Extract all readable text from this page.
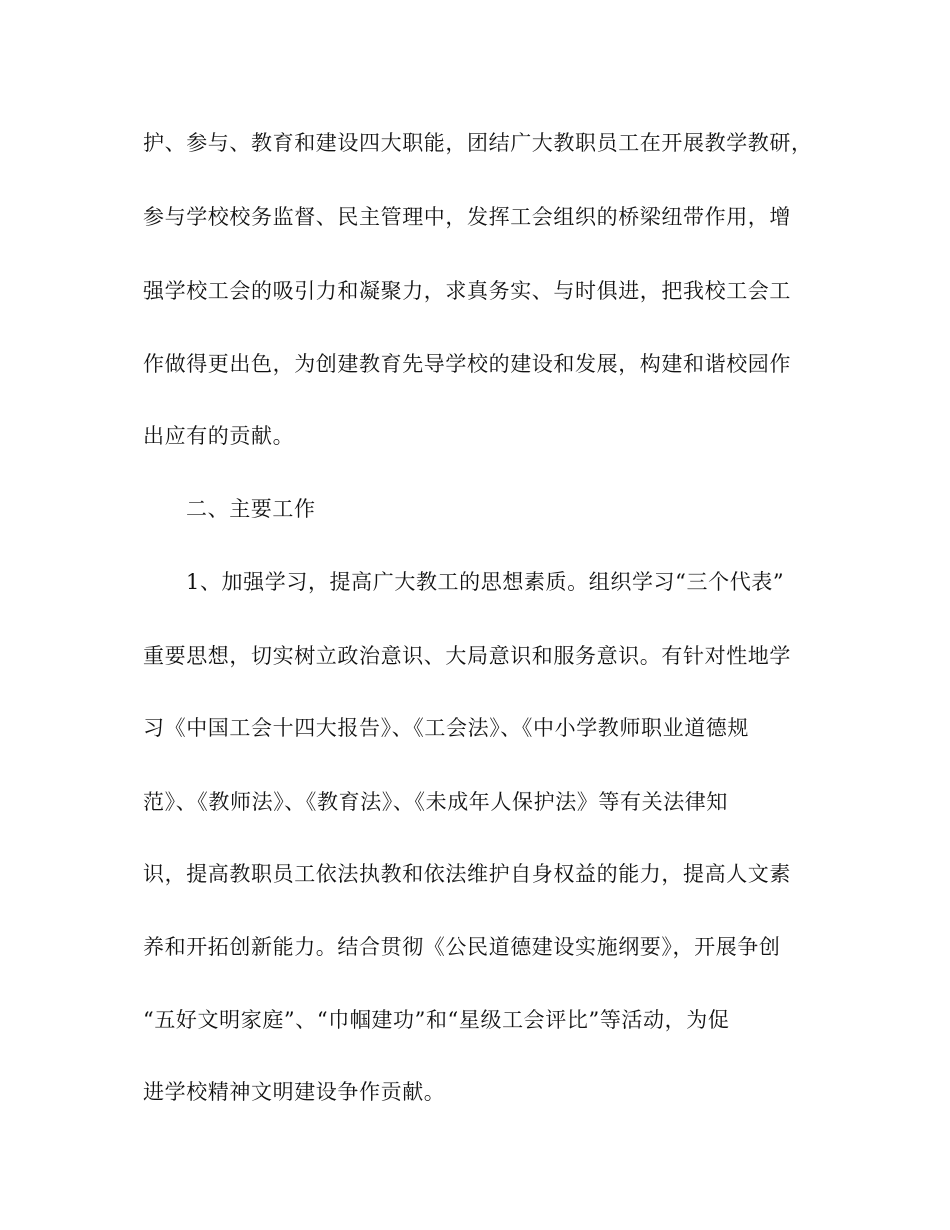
护、参与、教育和建设四大职能，团结广大教职员工在开展教学教研，
参与学校校务监督、民主管理中，发挥工会组织的桥梁纽带作用，增
强学校工会的吸引力和凝聚力，求真务实、与时俱进，把我校工会工
作做得更出色，为创建教育先导学校的建设和发展，构建和谐校园作
出应有的贡献。
二、主要工作
1、加强学习，提高广大教工的思想素质。组织学习“三个代表”
重要思想，切实树立政治意识、大局意识和服务意识。有针对性地学
习《中国工会十四大报告》、《工会法》、《中小学教师职业道德规
范》、《教师法》、《教育法》、《未成年人保护法》等有关法律知
识，提高教职员工依法执教和依法维护自身权益的能力，提高人文素
养和开拓创新能力。结合贯彻《公民道德建设实施纲要》，开展争创
“五好文明家庭”、“巾帼建功”和“星级工会评比”等活动，为促
进学校精神文明建设争作贡献。
